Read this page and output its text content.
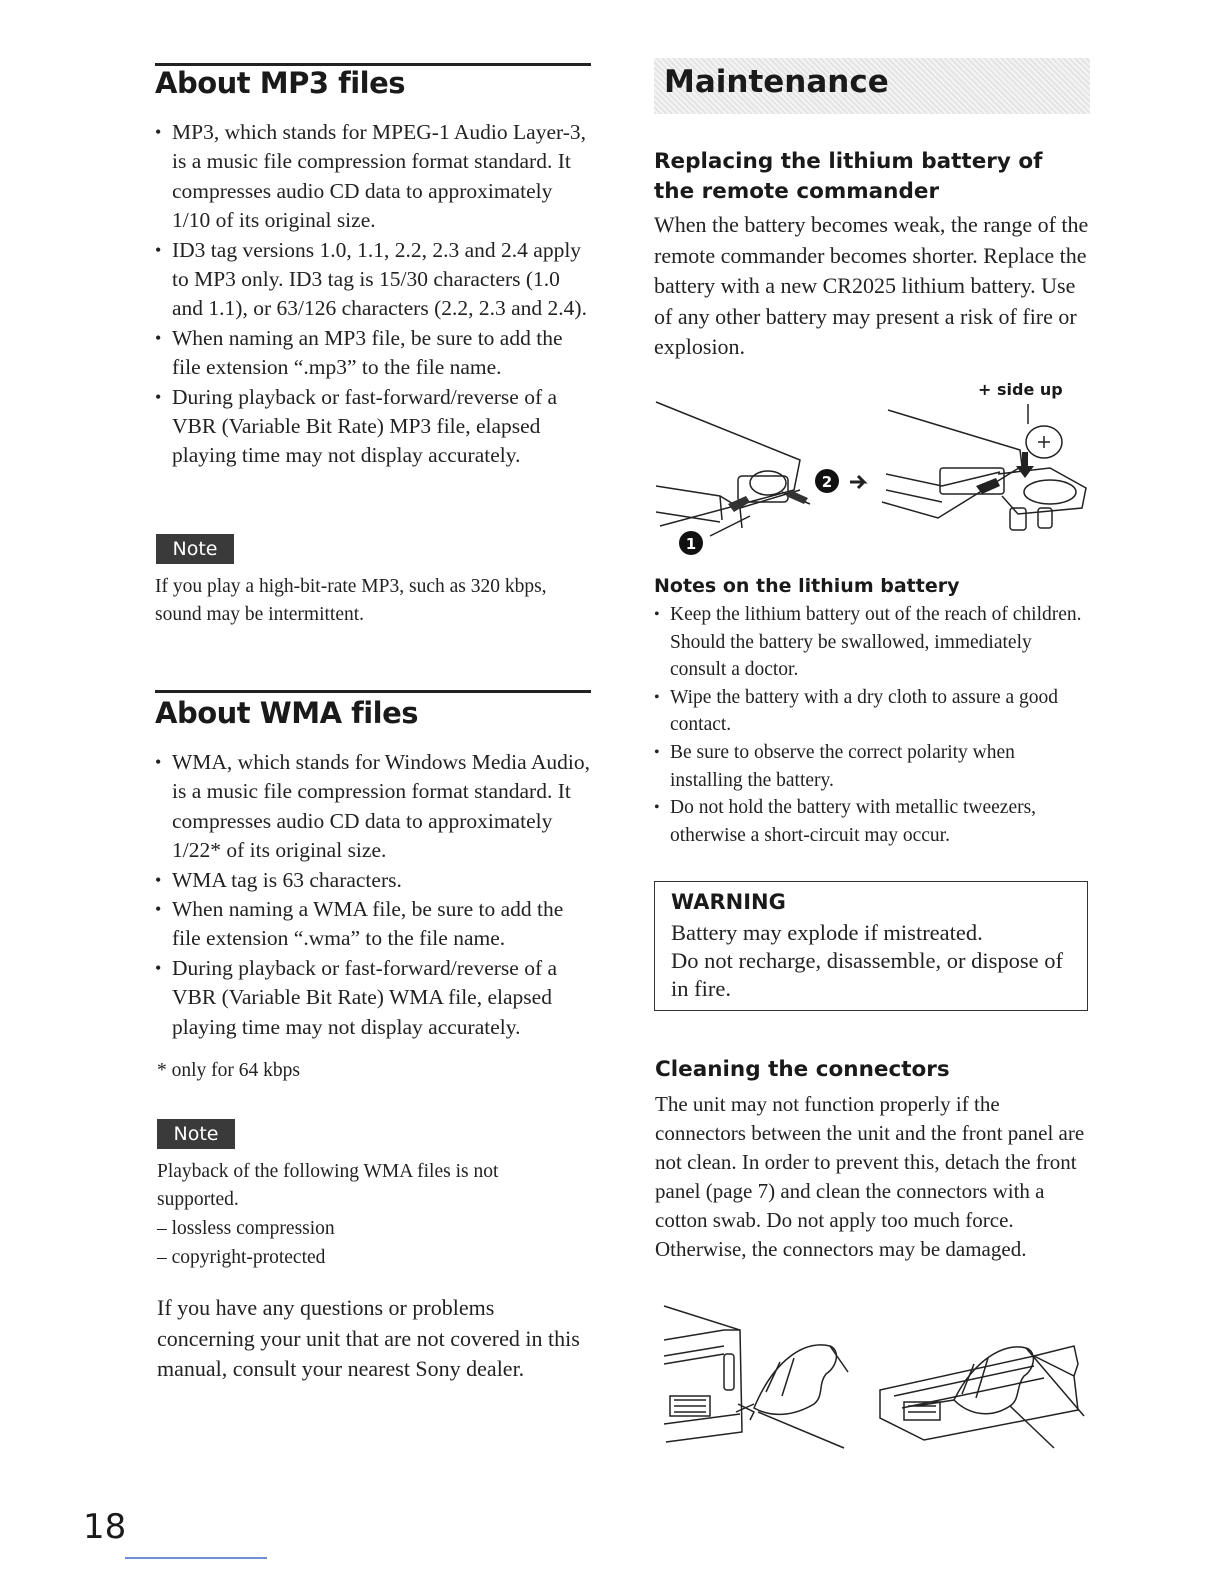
About MP3 files
• MP3, which stands for MPEG-1 Audio Layer-3, is a music file compression format standard. It compresses audio CD data to approximately 1/10 of its original size.
• ID3 tag versions 1.0, 1.1, 2.2, 2.3 and 2.4 apply to MP3 only. ID3 tag is 15/30 characters (1.0 and 1.1), or 63/126 characters (2.2, 2.3 and 2.4).
• When naming an MP3 file, be sure to add the file extension “.mp3” to the file name.
• During playback or fast-forward/reverse of a VBR (Variable Bit Rate) MP3 file, elapsed playing time may not display accurately.
Note

If you play a high-bit-rate MP3, such as 320 kbps, sound may be intermittent.

About WMA files
• WMA, which stands for Windows Media Audio, is a music file compression format standard. It compresses audio CD data to approximately 1/22* of its original size.
• WMA tag is 63 characters.
• When naming a WMA file, be sure to add the file extension “.wma” to the file name.
• During playback or fast-forward/reverse of a VBR (Variable Bit Rate) WMA file, elapsed playing time may not display accurately.

* only for 64 kbps

Note

Playback of the following WMA files is not supported.

– lossless compression

– copyright-protected

If you have any questions or problems concerning your unit that are not covered in this manual, consult your nearest Sony dealer.

Maintenance
Replacing the lithium battery of the remote commander

When the battery becomes weak, the range of the remote commander becomes shorter. Replace the battery with a new CR2025 lithium battery. Use of any other battery may present a risk of fire or explosion.

+ side up
2
1
Notes on the lithium battery
• Keep the lithium battery out of the reach of children. Should the battery be swallowed, immediately consult a doctor.
• Wipe the battery with a dry cloth to assure a good contact.
• Be sure to observe the correct polarity when installing the battery.
• Do not hold the battery with metallic tweezers, otherwise a short-circuit may occur.
WARNING
Battery may explode if mistreated.
Do not recharge, disassemble, or dispose of in fire.
Cleaning the connectors

The unit may not function properly if the connectors between the unit and the front panel are not clean. In order to prevent this, detach the front panel (page 7) and clean the connectors with a cotton swab. Do not apply too much force. Otherwise, the connectors may be damaged.

18
